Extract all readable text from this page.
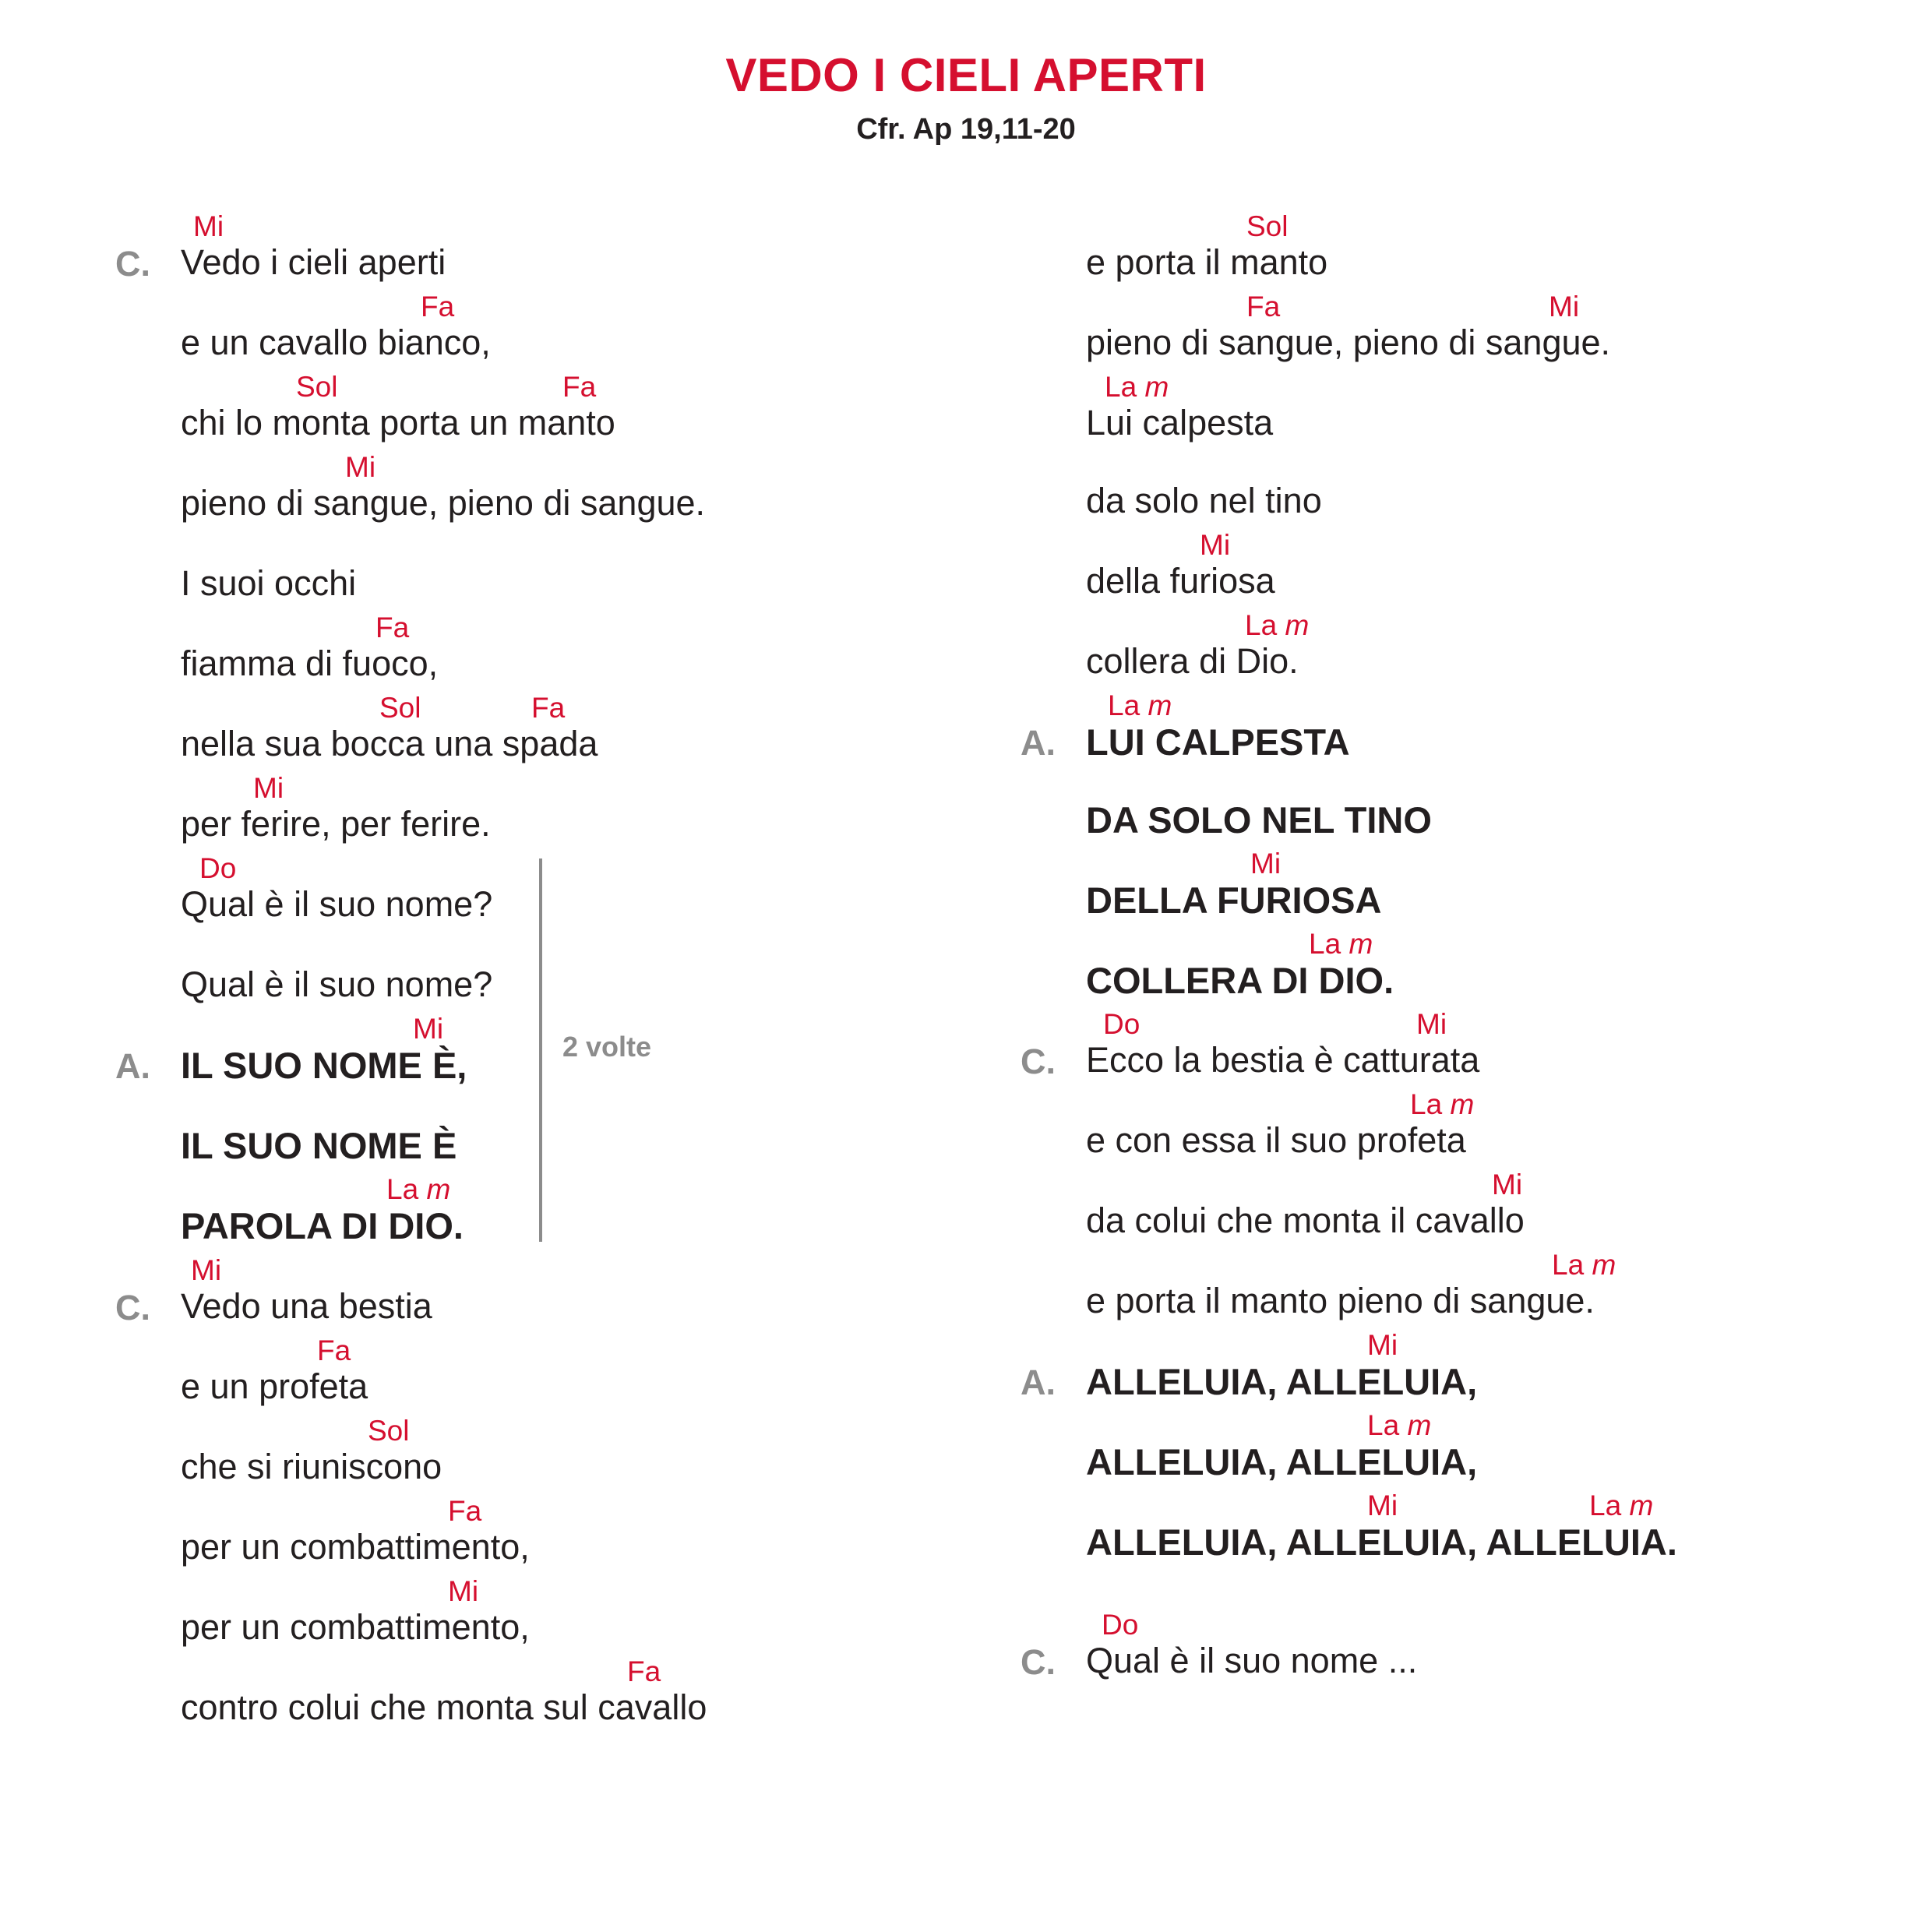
VEDO I CIELI APERTI
Cfr. Ap 19,11-20
C.
Mi
Vedo i cieli aperti
Fa
e un cavallo bianco,
Sol	Fa
chi lo monta porta un manto
Mi
pieno di sangue, pieno di sangue.
I suoi occhi
Fa
fiamma di fuoco,
Sol	Fa
nella sua bocca una spada
Mi
per ferire, per ferire.
Do
Qual è il suo nome?
Qual è il suo nome?
A.
Mi
IL SUO NOME È,
IL SUO NOME È
La m
PAROLA DI DIO.
2 volte
C.
Mi
Vedo una bestia
Fa
e un profeta
Sol
che si riuniscono
Fa
per un combattimento,
Mi
per un combattimento,
Fa
contro colui che monta sul cavallo
Sol
e porta il manto
Fa	Mi
pieno di sangue, pieno di sangue.
La m
Lui calpesta
da solo nel tino
Mi
della furiosa
La m
collera di Dio.
A.
La m
LUI CALPESTA
DA SOLO NEL TINO
Mi
DELLA FURIOSA
La m
COLLERA DI DIO.
C.
Do	Mi
Ecco la bestia è catturata
La m
e con essa il suo profeta
Mi
da colui che monta il cavallo
La m
e porta il manto pieno di sangue.
A.
Mi
ALLELUIA, ALLELUIA,
La m
ALLELUIA, ALLELUIA,
Mi	La m
ALLELUIA, ALLELUIA, ALLELUIA.
C.
Do
Qual è il suo nome ...
